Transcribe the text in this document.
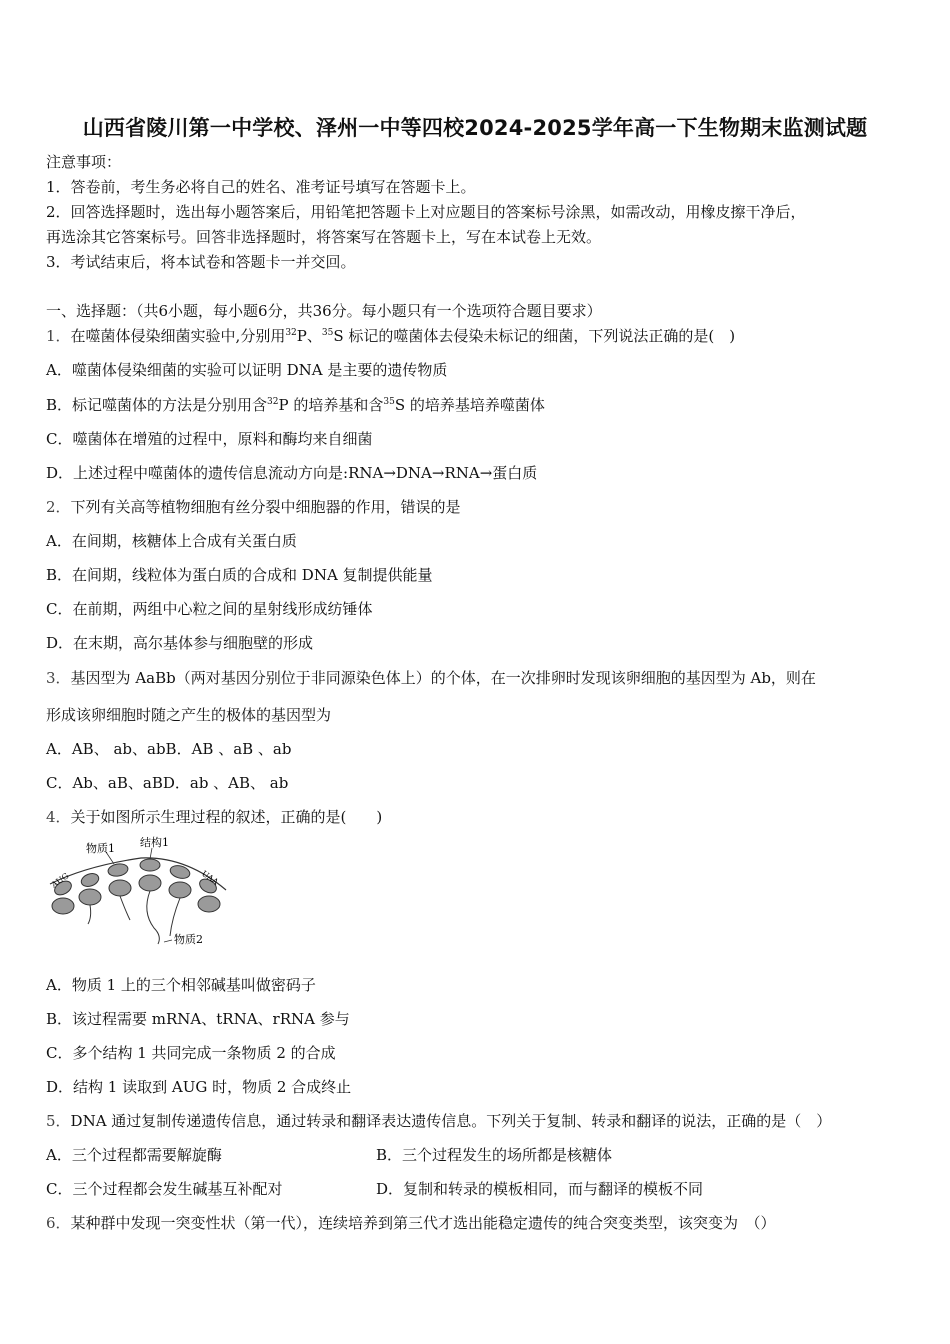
山西省陵川第一中学校、泽州一中等四校2024-2025学年高一下生物期末监测试题
注意事项：
1．答卷前，考生务必将自己的姓名、准考证号填写在答题卡上。
2．回答选择题时，选出每小题答案后，用铅笔把答题卡上对应题目的答案标号涂黑，如需改动，用橡皮擦干净后，
再选涂其它答案标号。回答非选择题时，将答案写在答题卡上，写在本试卷上无效。
3．考试结束后，将本试卷和答题卡一并交回。
一、选择题：（共6小题，每小题6分，共36分。每小题只有一个选项符合题目要求）
1．在噬菌体侵染细菌实验中,分别用$^{32}$P、$^{35}$S 标记的噬菌体去侵染未标记的细菌，下列说法正确的是(　)
A．噬菌体侵染细菌的实验可以证明 DNA 是主要的遗传物质
B．标记噬菌体的方法是分别用含$^{32}$P 的培养基和含$^{35}$S 的培养基培养噬菌体
C．噬菌体在增殖的过程中，原料和酶均来自细菌
D．上述过程中噬菌体的遗传信息流动方向是:RNA→DNA→RNA→蛋白质
2．下列有关高等植物细胞有丝分裂中细胞器的作用，错误的是
A．在间期，核糖体上合成有关蛋白质
B．在间期，线粒体为蛋白质的合成和 DNA 复制提供能量
C．在前期，两组中心粒之间的星射线形成纺锤体
D．在末期，高尔基体参与细胞壁的形成
3．基因型为 AaBb（两对基因分别位于非同源染色体上）的个体，在一次排卵时发现该卵细胞的基因型为 Ab，则在
形成该卵细胞时随之产生的极体的基因型为
A．AB、 ab、abB．AB 、aB 、ab
C．Ab、aB、aBD．ab 、AB、 ab
4．关于如图所示生理过程的叙述，正确的是(　　)
物质1 结构1
物质2
AUG	UAA
A．物质 1 上的三个相邻碱基叫做密码子
B．该过程需要 mRNA、tRNA、rRNA 参与
C．多个结构 1 共同完成一条物质 2 的合成
D．结构 1 读取到 AUG 时，物质 2 合成终止
5．DNA 通过复制传递遗传信息，通过转录和翻译表达遗传信息。下列关于复制、转录和翻译的说法，正确的是（　）
A．三个过程都需要解旋酶	B．三个过程发生的场所都是核糖体
C．三个过程都会发生碱基互补配对	D．复制和转录的模板相同，而与翻译的模板不同
6．某种群中发现一突变性状（第一代），连续培养到第三代才选出能稳定遗传的纯合突变类型，该突变为　（）
